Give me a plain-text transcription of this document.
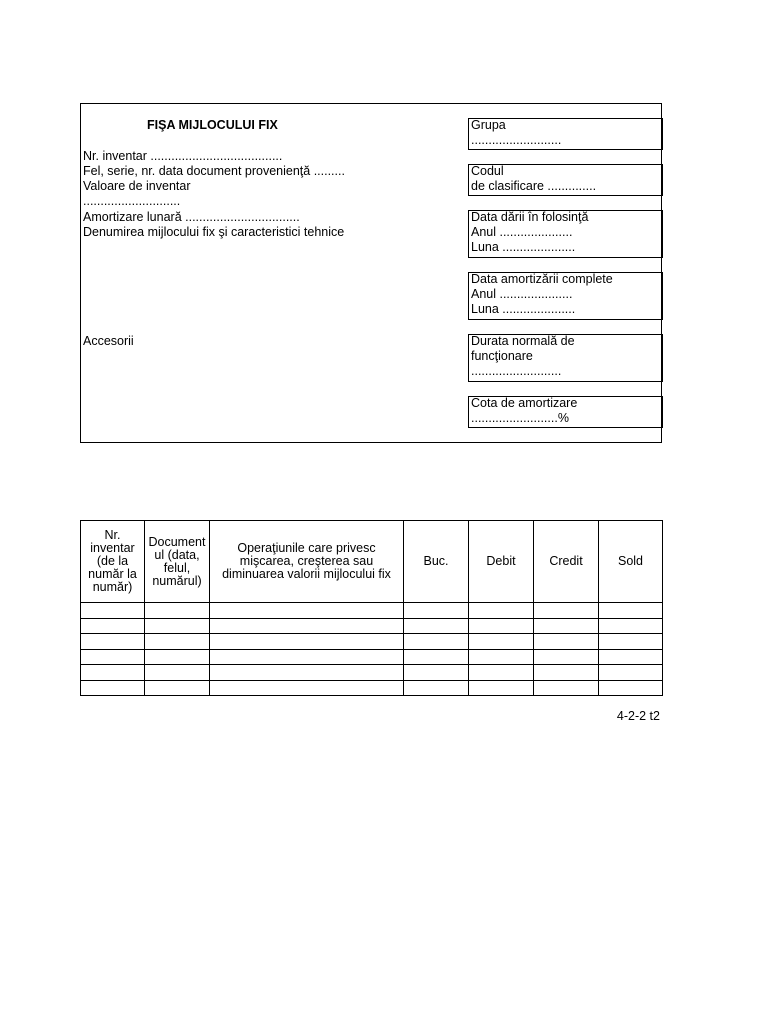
FIŞA MIJLOCULUI FIX
Nr. inventar ......................................
Fel, serie, nr. data document provenienţă .........
Valoare de inventar
............................
Amortizare lunară .................................
Denumirea mijlocului fix şi caracteristici tehnice
Accesorii
Grupa
..........................
Codul
de clasificare ..............
Data dării în folosinţă
Anul .....................
Luna .....................
Data amortizării complete
Anul .....................
Luna .....................
Durata normală de
funcţionare
..........................
Cota de amortizare
.........................%
Nr. inventar (de la număr la număr)	Document ul (data, felul, numărul)	Operaţiunile care privesc mişcarea, creşterea sau diminuarea valorii mijlocului fix	Buc.	Debit	Credit	Sold

4-2-2 t2
